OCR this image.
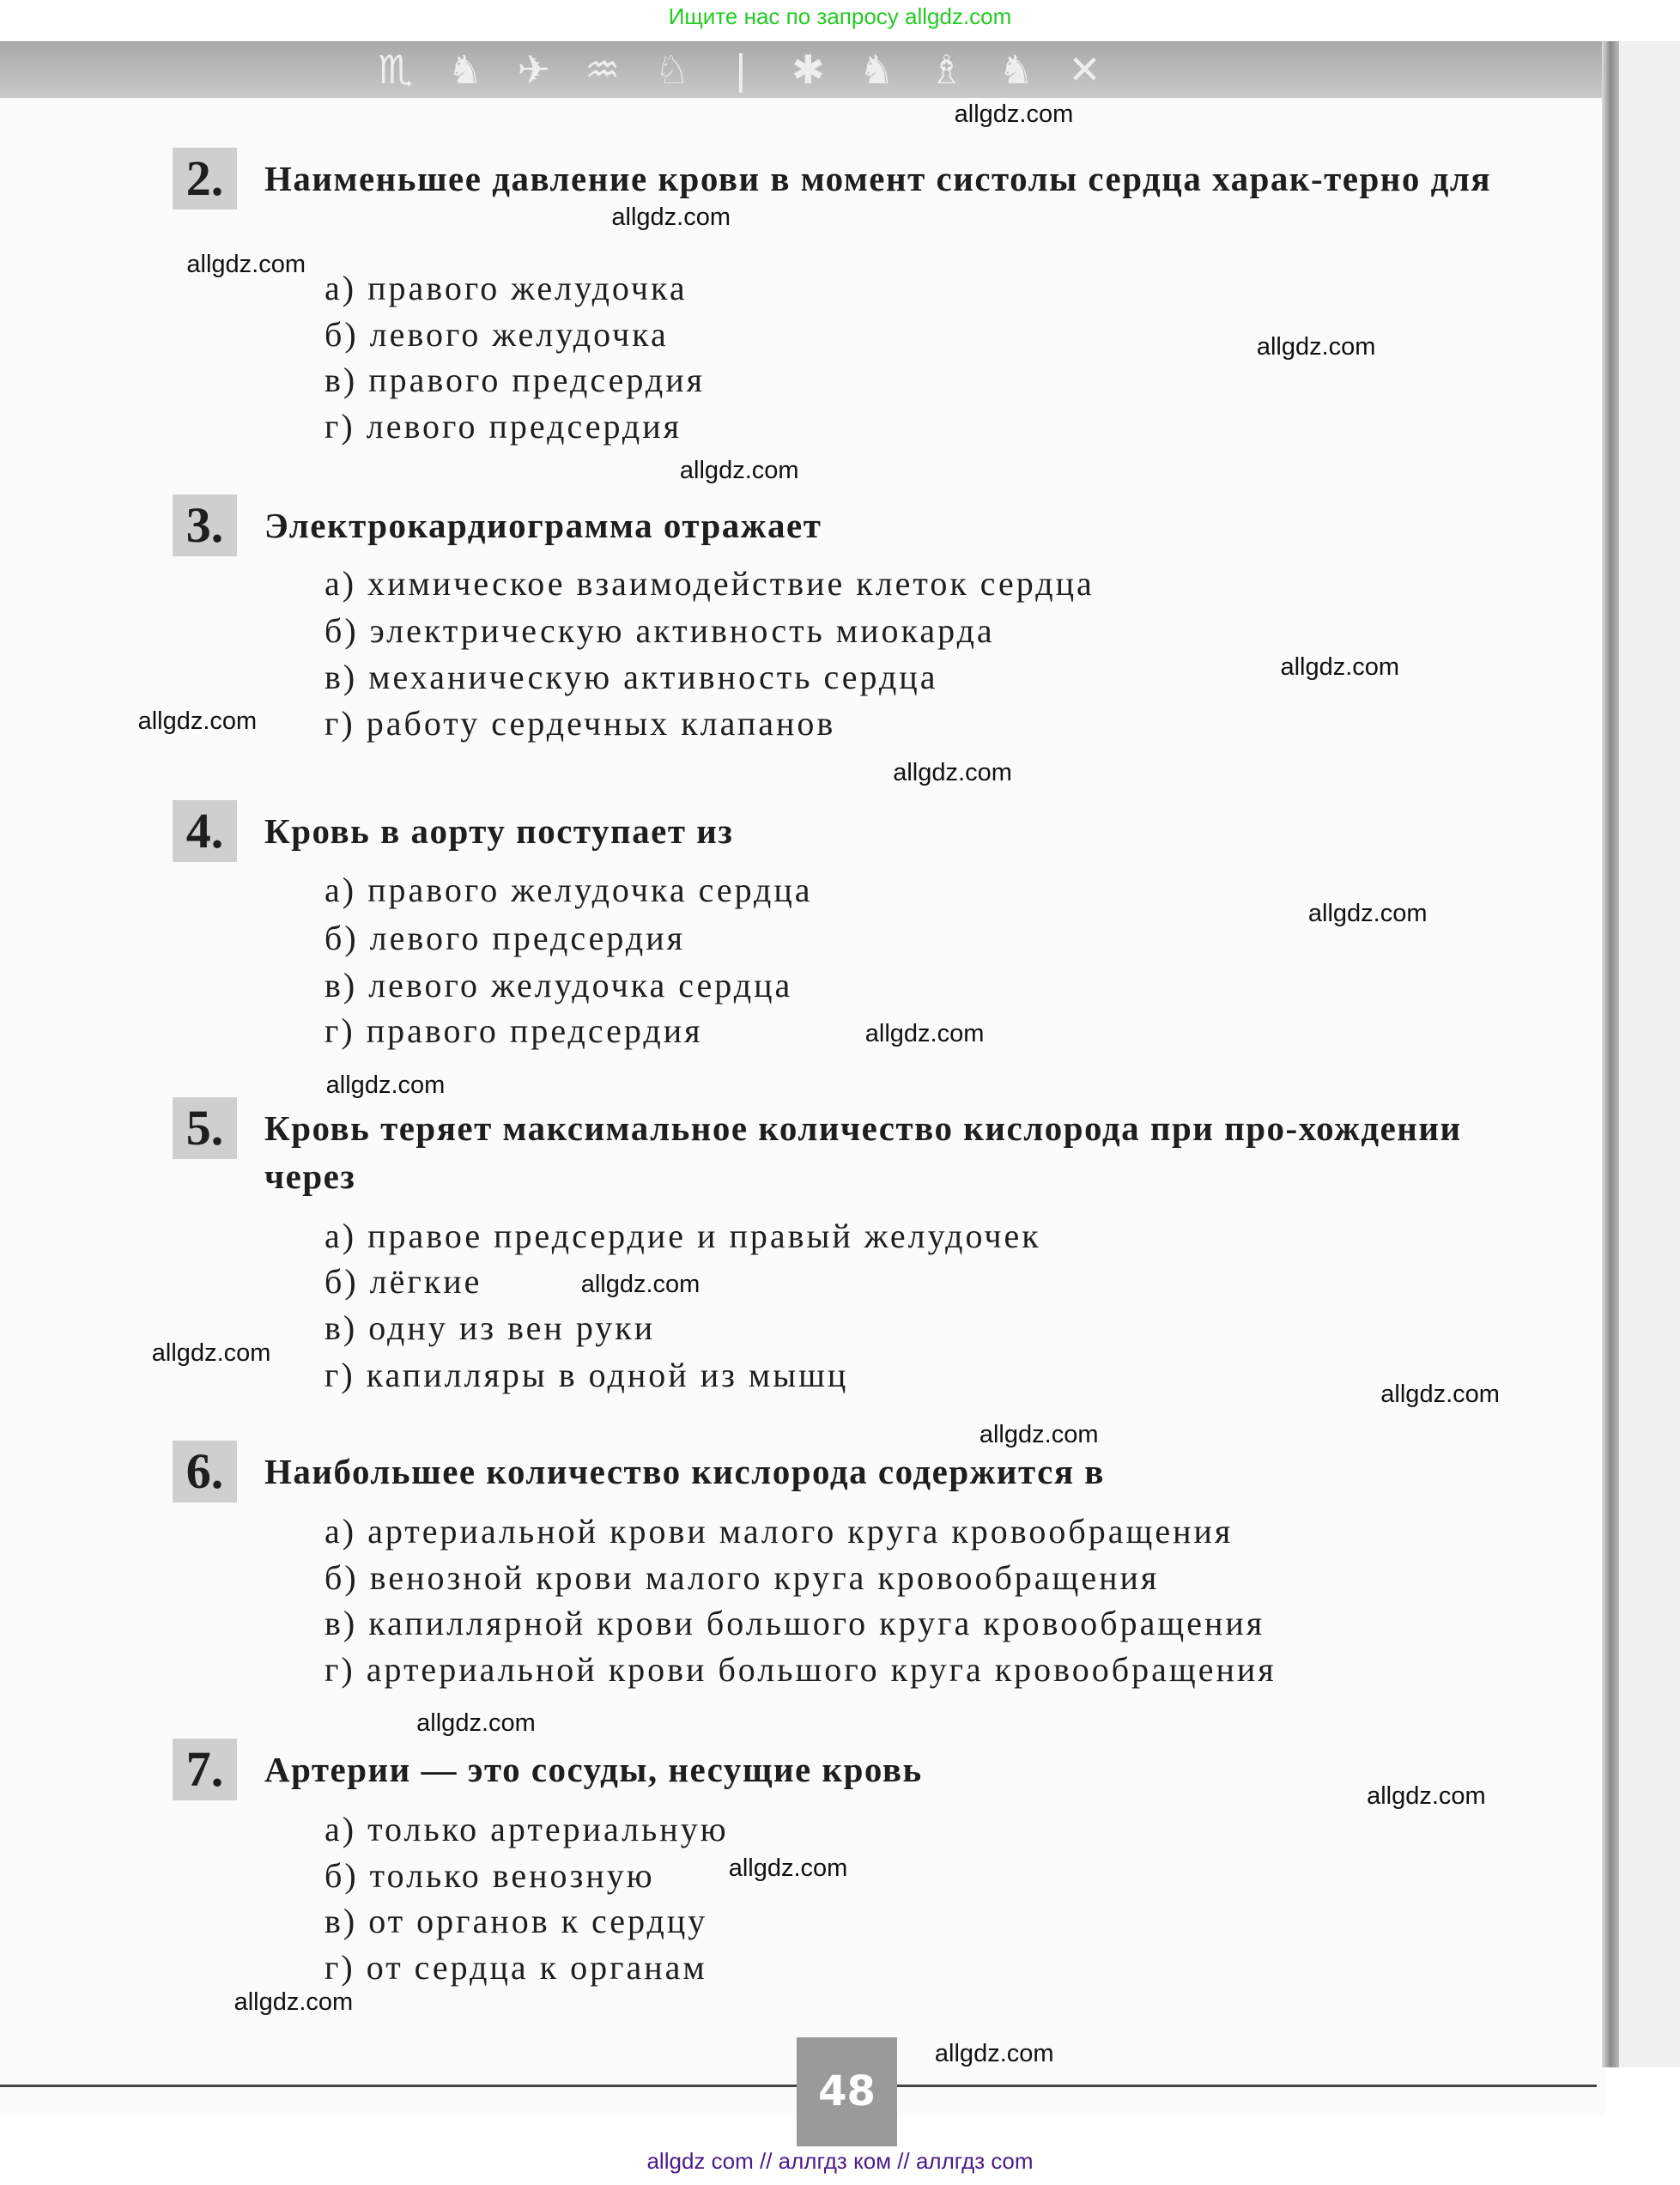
Ищите нас по запросу allgdz.com
♏♞✈♒♘❘✱♞♗♞✕
2.	Наименьшее давление крови в момент систолы сердца харак-терно для
а) правого желудочка
б) левого желудочка
в) правого предсердия
г) левого предсердия
3.	Электрокардиограмма отражает
а) химическое взаимодействие клеток сердца
б) электрическую активность миокарда
в) механическую активность сердца
г) работу сердечных клапанов
4.	Кровь в аорту поступает из
а) правого желудочка сердца
б) левого предсердия
в) левого желудочка сердца
г) правого предсердия
5.	Кровь теряет максимальное количество кислорода при про-хождении через
а) правое предсердие и правый желудочек
б) лёгкие
в) одну из вен руки
г) капилляры в одной из мышц
6.	Наибольшее количество кислорода содержится в
а) артериальной крови малого круга кровообращения
б) венозной крови малого круга кровообращения
в) капиллярной крови большого круга кровообращения
г) артериальной крови большого круга кровообращения
7.	Артерии — это сосуды, несущие кровь
а) только артериальную
б) только венозную
в) от органов к сердцу
г) от сердца к органам
48
allgdz com // аллгдз ком // аллгдз com
allgdz.com
allgdz.com
allgdz.com
allgdz.com
allgdz.com
allgdz.com
allgdz.com
allgdz.com
allgdz.com
allgdz.com
allgdz.com
allgdz.com
allgdz.com
allgdz.com
allgdz.com
allgdz.com
allgdz.com
allgdz.com
allgdz.com
allgdz.com
